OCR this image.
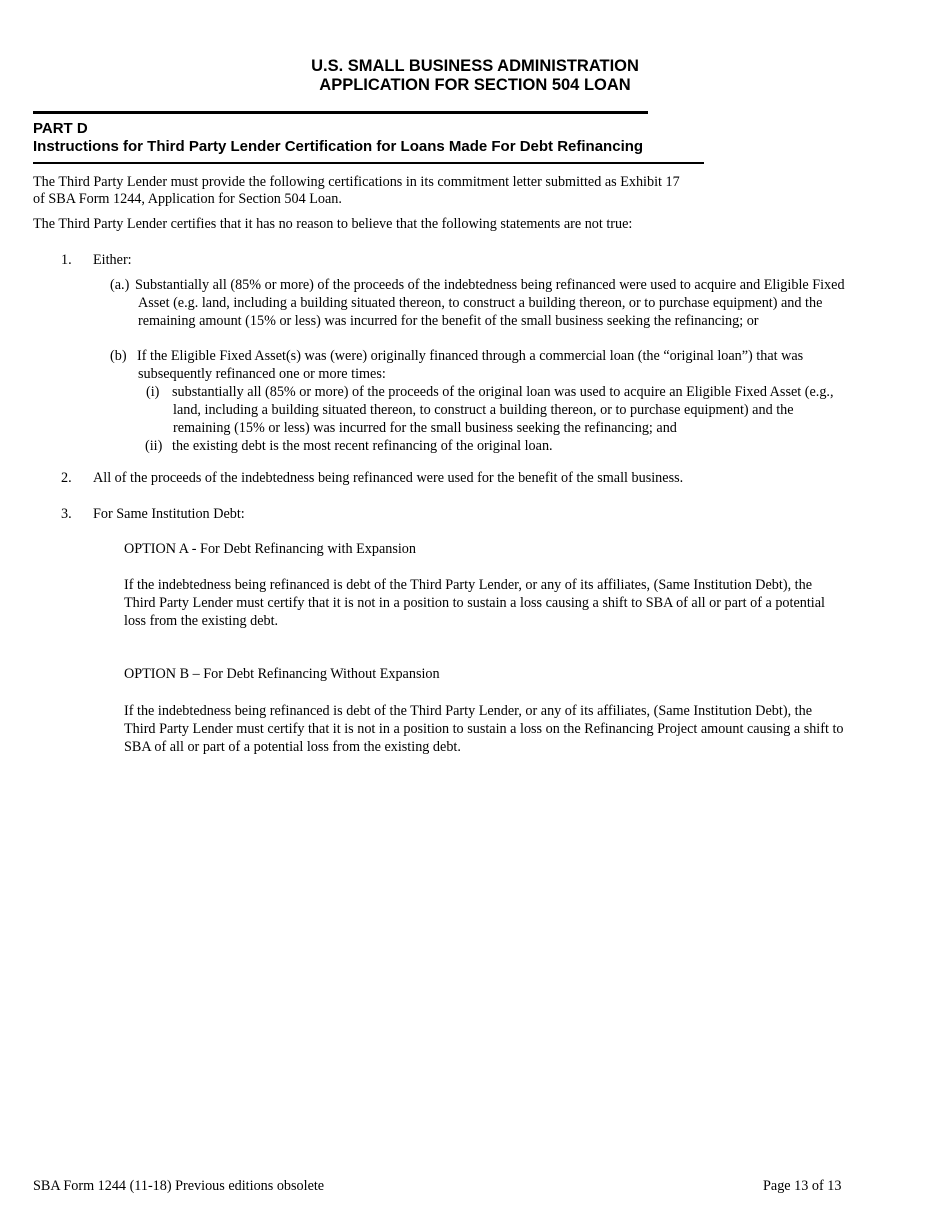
U.S. SMALL BUSINESS ADMINISTRATION
APPLICATION FOR SECTION 504 LOAN
PART D
Instructions for Third Party Lender Certification for Loans Made For Debt Refinancing
The Third Party Lender must provide the following certifications in its commitment letter submitted as Exhibit 17
of SBA Form 1244, Application for Section 504 Loan.
The Third Party Lender certifies that it has no reason to believe that the following statements are not true:
1. Either:
(a.) Substantially all (85% or more) of the proceeds of the indebtedness being refinanced were used to acquire and Eligible Fixed
Asset (e.g. land, including a building situated thereon, to construct a building thereon, or to purchase equipment) and the
remaining amount (15% or less) was incurred for the benefit of the small business seeking the refinancing; or
(b) If the Eligible Fixed Asset(s) was (were) originally financed through a commercial loan (the “original loan”) that was
subsequently refinanced one or more times:
(i) substantially all (85% or more) of the proceeds of the original loan was used to acquire an Eligible Fixed Asset (e.g.,
land, including a building situated thereon, to construct a building thereon, or to purchase equipment) and the
remaining (15% or less) was incurred for the small business seeking the refinancing; and
(ii) the existing debt is the most recent refinancing of the original loan.
2. All of the proceeds of the indebtedness being refinanced were used for the benefit of the small business.
3. For Same Institution Debt:
OPTION A - For Debt Refinancing with Expansion
If the indebtedness being refinanced is debt of the Third Party Lender, or any of its affiliates, (Same Institution Debt), the
Third Party Lender must certify that it is not in a position to sustain a loss causing a shift to SBA of all or part of a potential
loss from the existing debt.
OPTION B – For Debt Refinancing Without Expansion
If the indebtedness being refinanced is debt of the Third Party Lender, or any of its affiliates, (Same Institution Debt), the
Third Party Lender must certify that it is not in a position to sustain a loss on the Refinancing Project amount causing a shift to
SBA of all or part of a potential loss from the existing debt.
SBA Form 1244 (11-18) Previous editions obsolete	Page 13 of 13
